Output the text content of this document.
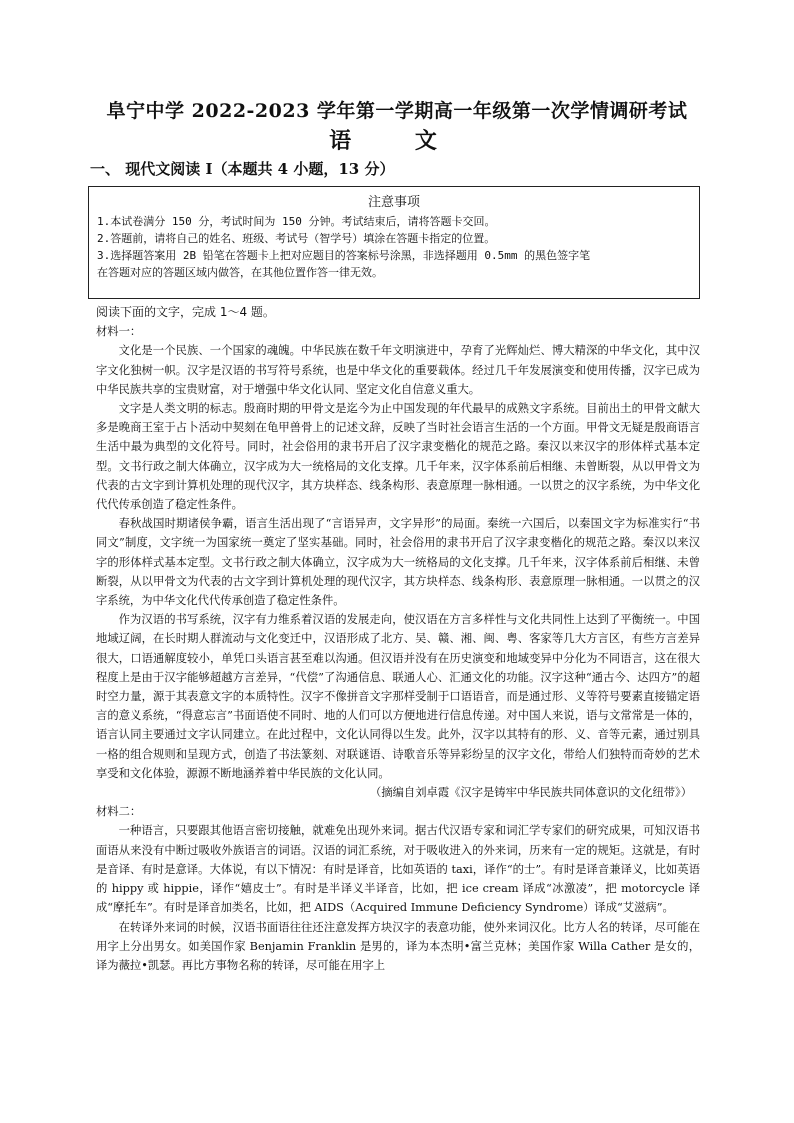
阜宁中学 2022-2023 学年第一学期高一年级第一次学情调研考试
语 文
一、 现代文阅读 I（本题共 4 小题，13 分）
注意事项
1.本试卷满分 150 分，考试时间为 150 分钟。考试结束后，请将答题卡交回。
2.答题前，请将自己的姓名、班级、考试号（智学号）填涂在答题卡指定的位置。
3.选择题答案用 2B 铅笔在答题卡上把对应题目的答案标号涂黑，非选择题用 0.5mm 的黑色签字笔
在答题对应的答题区域内做答，在其他位置作答一律无效。
阅读下面的文字，完成 1～4 题。
材料一：

文化是一个民族、一个国家的魂魄。中华民族在数千年文明演进中，孕育了光辉灿烂、博大精深的中华文化，其中汉字文化独树一帜。汉字是汉语的书写符号系统，也是中华文化的重要载体。经过几千年发展演变和使用传播，汉字已成为中华民族共享的宝贵财富，对于增强中华文化认同、坚定文化自信意义重大。

文字是人类文明的标志。殷商时期的甲骨文是迄今为止中国发现的年代最早的成熟文字系统。目前出土的甲骨文献大多是晚商王室于占卜活动中契刻在龟甲兽骨上的记述文辞，反映了当时社会语言生活的一个方面。甲骨文无疑是殷商语言生活中最为典型的文化符号。同时，社会俗用的隶书开启了汉字隶变楷化的规范之路。秦汉以来汉字的形体样式基本定型。文书行政之制大体确立，汉字成为大一统格局的文化支撑。几千年来，汉字体系前后相继、未曾断裂，从以甲骨文为代表的古文字到计算机处理的现代汉字，其方块样态、线条构形、表意原理一脉相通。一以贯之的汉字系统，为中华文化代代传承创造了稳定性条件。

春秋战国时期诸侯争霸，语言生活出现了“言语异声，文字异形”的局面。秦统一六国后，以秦国文字为标准实行“书同文”制度，文字统一为国家统一奠定了坚实基础。同时，社会俗用的隶书开启了汉字隶变楷化的规范之路。秦汉以来汉字的形体样式基本定型。文书行政之制大体确立，汉字成为大一统格局的文化支撑。几千年来，汉字体系前后相继、未曾断裂，从以甲骨文为代表的古文字到计算机处理的现代汉字，其方块样态、线条构形、表意原理一脉相通。一以贯之的汉字系统，为中华文化代代传承创造了稳定性条件。

作为汉语的书写系统，汉字有力维系着汉语的发展走向，使汉语在方言多样性与文化共同性上达到了平衡统一。中国地域辽阔，在长时期人群流动与文化变迁中，汉语形成了北方、吴、赣、湘、闽、粤、客家等几大方言区，有些方言差异很大，口语通解度较小，单凭口头语言甚至难以沟通。但汉语并没有在历史演变和地域变异中分化为不同语言，这在很大程度上是由于汉字能够超越方言差异，“代偿”了沟通信息、联通人心、汇通文化的功能。汉字这种“通古今、达四方”的超时空力量，源于其表意文字的本质特性。汉字不像拼音文字那样受制于口语语音，而是通过形、义等符号要素直接锚定语言的意义系统，“得意忘言”书面语使不同时、地的人们可以方便地进行信息传递。对中国人来说，语与文常常是一体的，语言认同主要通过文字认同建立。在此过程中，文化认同得以生发。此外，汉字以其特有的形、义、音等元素，通过别具一格的组合规则和呈现方式，创造了书法篆刻、对联谜语、诗歌音乐等异彩纷呈的汉字文化，带给人们独特而奇妙的艺术享受和文化体验，源源不断地涵养着中华民族的文化认同。

（摘编自刘卓霞《汉字是铸牢中华民族共同体意识的文化纽带》）

材料二：

一种语言，只要跟其他语言密切接触，就难免出现外来词。据古代汉语专家和词汇学专家们的研究成果，可知汉语书面语从来没有中断过吸收外族语言的词语。汉语的词汇系统，对于吸收进入的外来词，历来有一定的规矩。这就是，有时是音译、有时是意译。大体说，有以下情况：有时是译音，比如英语的 taxi，译作“的士”。有时是译音兼译义，比如英语的 hippy 或 hippie，译作“嬉皮士”。有时是半译义半译音，比如，把 ice cream 译成“冰激凌”，把 motorcycle 译成“摩托车”。有时是译音加类名，比如，把 AIDS（Acquired Immune Deficiency Syndrome）译成“艾滋病”。

在转译外来词的时候，汉语书面语往往还注意发挥方块汉字的表意功能，使外来词汉化。比方人名的转译，尽可能在用字上分出男女。如美国作家 Benjamin Franklin 是男的，译为本杰明•富兰克林；美国作家 Willa Cather 是女的，译为薇拉•凯瑟。再比方事物名称的转译，尽可能在用字上
